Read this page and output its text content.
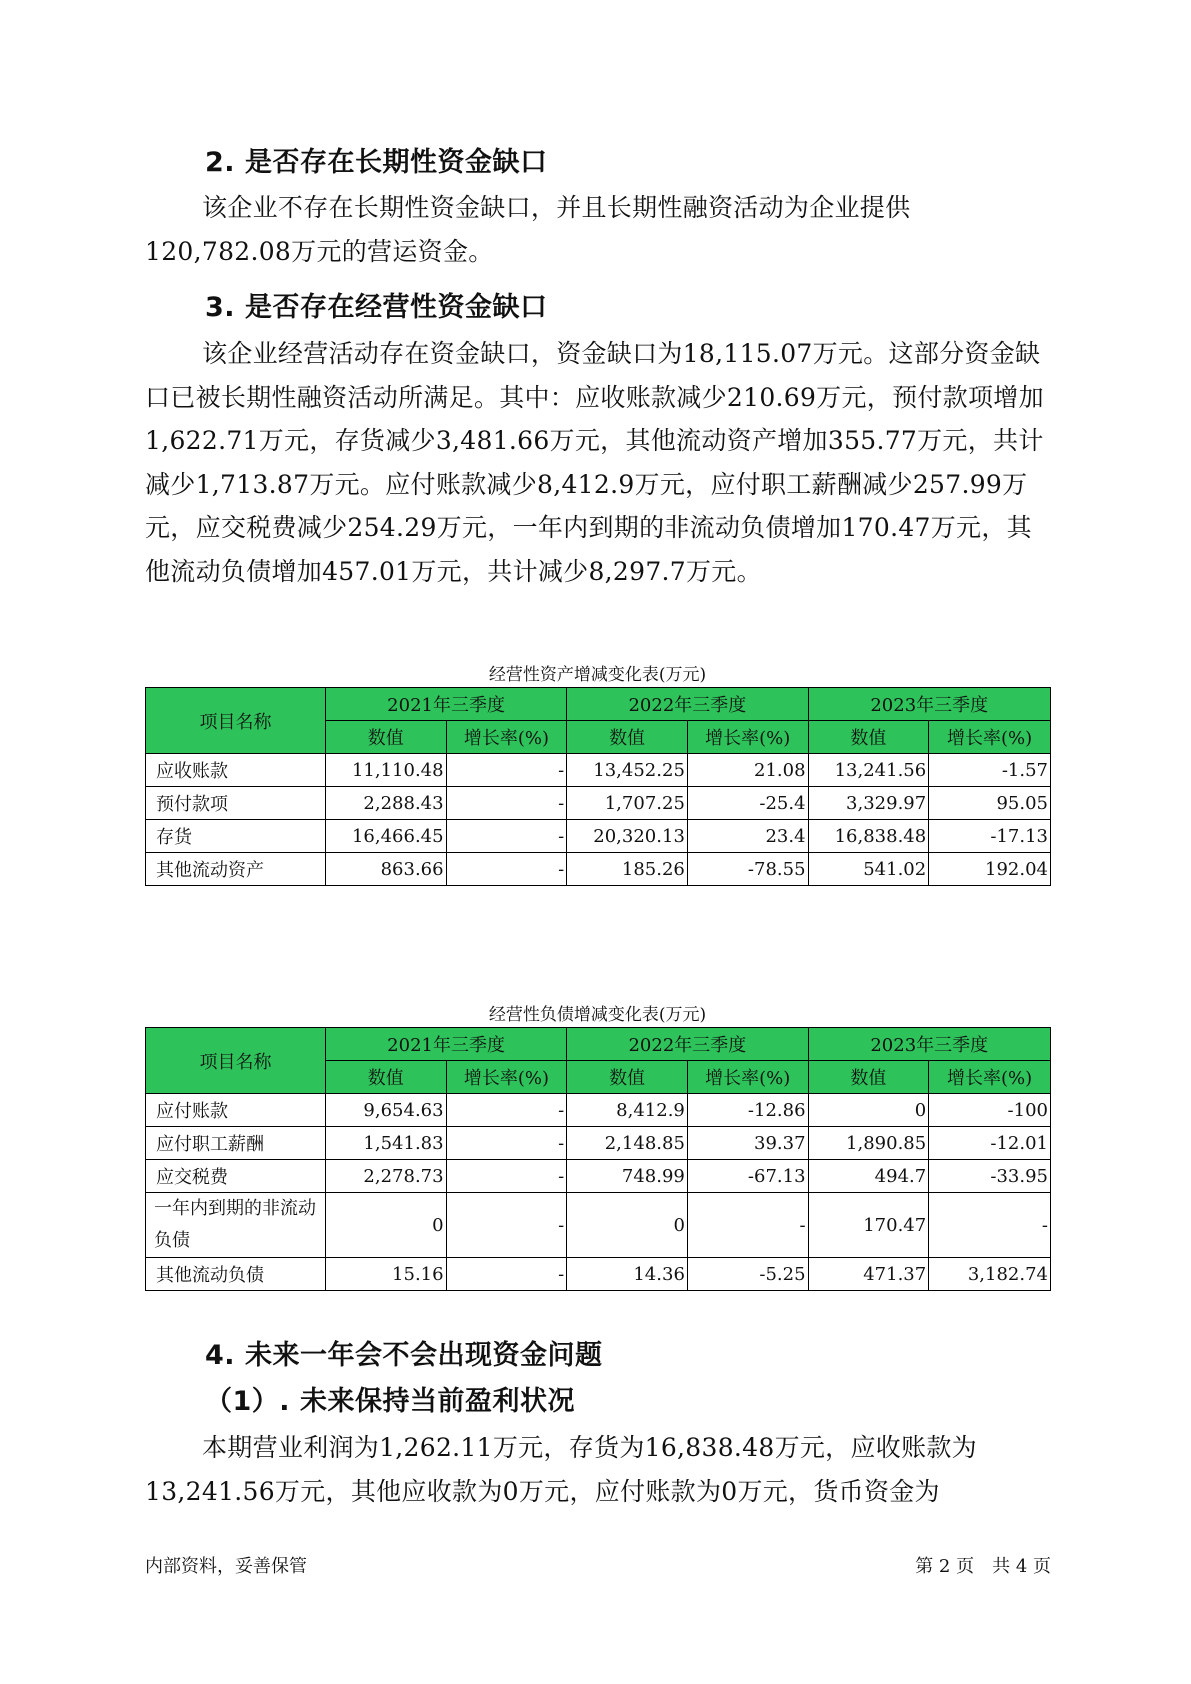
2. 是否存在长期性资金缺口
该企业不存在长期性资金缺口，并且长期性融资活动为企业提供120,782.08万元的营运资金。
3. 是否存在经营性资金缺口
该企业经营活动存在资金缺口，资金缺口为18,115.07万元。这部分资金缺口已被长期性融资活动所满足。其中：应收账款减少210.69万元，预付款项增加1,622.71万元，存货减少3,481.66万元，其他流动资产增加355.77万元，共计减少1,713.87万元。应付账款减少8,412.9万元，应付职工薪酬减少257.99万元，应交税费减少254.29万元，一年内到期的非流动负债增加170.47万元，其他流动负债增加457.01万元，共计减少8,297.7万元。
经营性资产增减变化表(万元)
项目名称	2021年三季度		2022年三季度		2023年三季度	
	数值	增长率(%)	数值	增长率(%)	数值	增长率(%)
应收账款	11,110.48	-	13,452.25	21.08	13,241.56	-1.57
预付款项	2,288.43	-	1,707.25	-25.4	3,329.97	95.05
存货	16,466.45	-	20,320.13	23.4	16,838.48	-17.13
其他流动资产	863.66	-	185.26	-78.55	541.02	192.04
经营性负债增减变化表(万元)
项目名称	2021年三季度		2022年三季度		2023年三季度	
	数值	增长率(%)	数值	增长率(%)	数值	增长率(%)
应付账款	9,654.63	-	8,412.9	-12.86	0	-100
应付职工薪酬	1,541.83	-	2,148.85	39.37	1,890.85	-12.01
应交税费	2,278.73	-	748.99	-67.13	494.7	-33.95
一年内到期的非流动负债	0	-	0	-	170.47	-
其他流动负债	15.16	-	14.36	-5.25	471.37	3,182.74
4. 未来一年会不会出现资金问题
（1）. 未来保持当前盈利状况
本期营业利润为1,262.11万元，存货为16,838.48万元，应收账款为13,241.56万元，其他应收款为0万元，应付账款为0万元，货币资金为
内部资料，妥善保管	第 2 页　共 4 页
